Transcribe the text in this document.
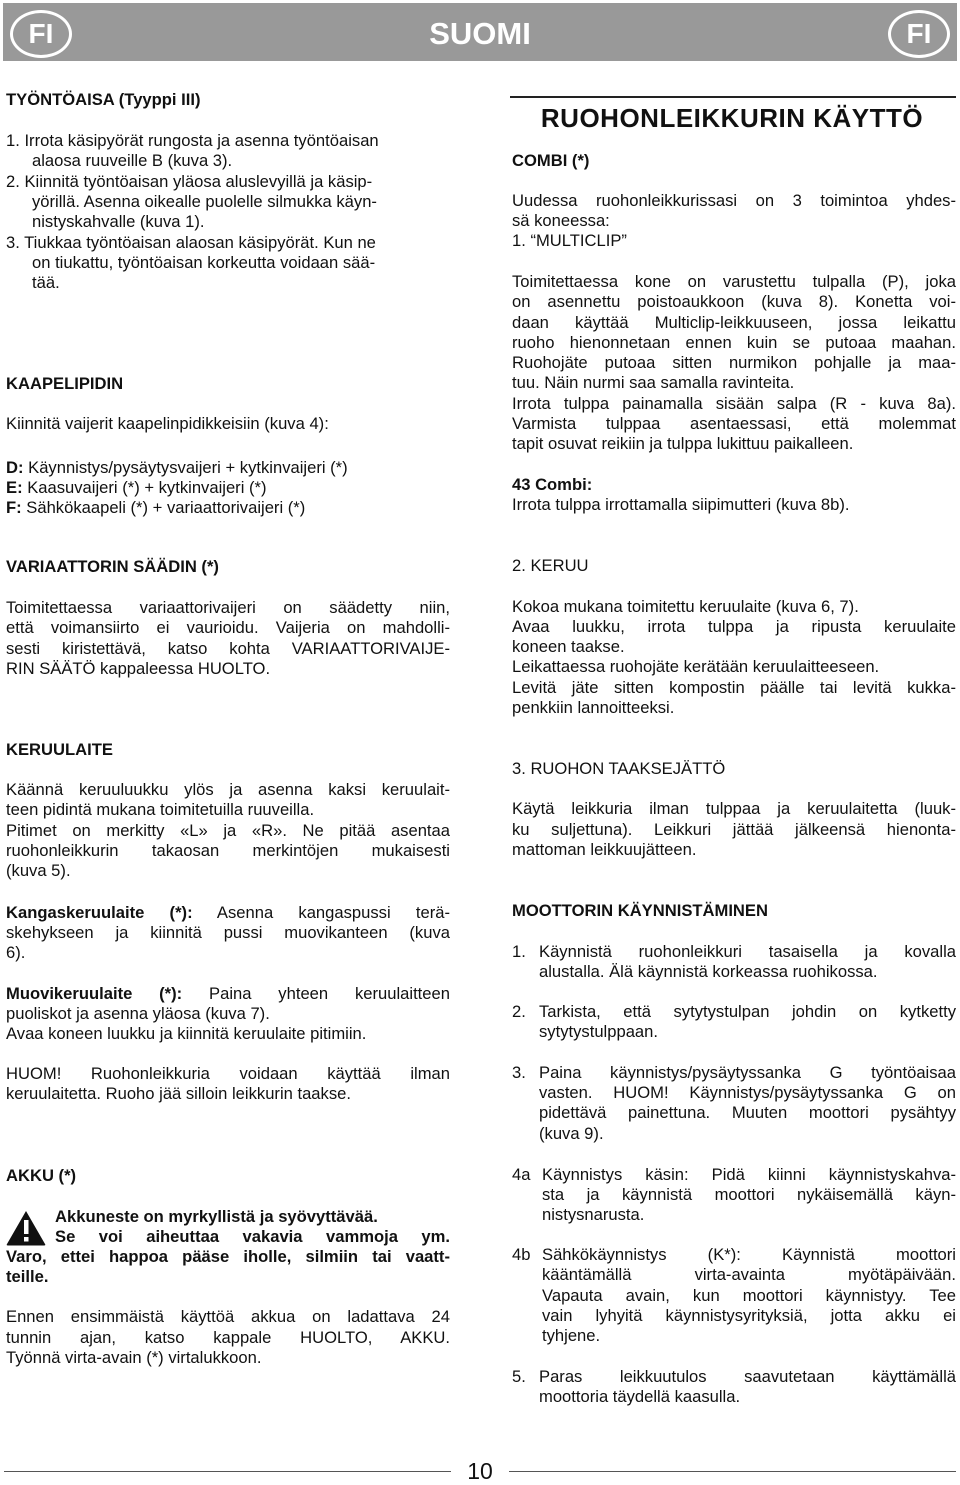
FI	SUOMI	FI
TYÖNTÖAISA (Tyyppi III)
1. Irrota käsipyörät rungosta ja asenna työntöaisan
alaosa ruuveille B (kuva 3).
2. Kiinnitä työntöaisan yläosa aluslevyillä ja käsip-
yörillä. Asenna oikealle puolelle silmukka käyn-
nistyskahvalle (kuva 1).
3. Tiukkaa työntöaisan alaosan käsipyörät. Kun ne
on tiukattu, työntöaisan korkeutta voidaan sää-
tää.
KAAPELIPIDIN
Kiinnitä vaijerit kaapelinpidikkeisiin (kuva 4):
D: Käynnistys/pysäytysvaijeri + kytkinvaijeri (*)
E: Kaasuvaijeri (*) + kytkinvaijeri (*)
F: Sähkökaapeli (*) + variaattorivaijeri (*)
VARIAATTORIN SÄÄDIN (*)
Toimitettaessa variaattorivaijeri on säädetty niin,
että voimansiirto ei vaurioidu. Vaijeria on mahdolli-
sesti kiristettävä, katso kohta VARIAATTORIVAIJE-
RIN SÄÄTÖ kappaleessa HUOLTO.
KERUULAITE
Käännä keruuluukku ylös ja asenna kaksi keruulait-
teen pidintä mukana toimitetuilla ruuveilla.
Pitimet on merkitty «L» ja «R». Ne pitää asentaa
ruohonleikkurin takaosan merkintöjen mukaisesti
(kuva 5).
Kangaskeruulaite (*): Asenna kangaspussi terä-
skehykseen ja kiinnitä pussi muovikanteen (kuva
6).
Muovikeruulaite (*): Paina yhteen keruulaitteen
puoliskot ja asenna yläosa (kuva 7).
Avaa koneen luukku ja kiinnitä keruulaite pitimiin.
HUOM! Ruohonleikkuria voidaan käyttää ilman
keruulaitetta. Ruoho jää silloin leikkurin taakse.
AKKU (*)
Akkuneste on myrkyllistä ja syövyttävää.
Se voi aiheuttaa vakavia vammoja ym.
Varo, ettei happoa pääse iholle, silmiin tai vaatt-
teille.
Ennen ensimmäistä käyttöä akkua on ladattava 24
tunnin ajan, katso kappale HUOLTO, AKKU.
Työnnä virta-avain (*) virtalukkoon.
RUOHONLEIKKURIN KÄYTTÖ
COMBI (*)
Uudessa ruohonleikkurissasi on 3 toimintoa yhdes-
sä koneessa:
1. “MULTICLIP”
Toimitettaessa kone on varustettu tulpalla (P), joka
on asennettu poistoaukkoon (kuva 8). Konetta voi-
daan käyttää Multiclip-leikkuuseen, jossa leikattu
ruoho hienonnetaan ennen kuin se putoaa maahan.
Ruohojäte putoaa sitten nurmikon pohjalle ja maa-
tuu. Näin nurmi saa samalla ravinteita.
Irrota tulppa painamalla sisään salpa (R - kuva 8a).
Varmista tulppaa asentaessasi, että molemmat
tapit osuvat reikiin ja tulppa lukittuu paikalleen.
43 Combi:
Irrota tulppa irrottamalla siipimutteri (kuva 8b).
2. KERUU
Kokoa mukana toimitettu keruulaite (kuva 6, 7).
Avaa luukku, irrota tulppa ja ripusta keruulaite
koneen taakse.
Leikattaessa ruohojäte kerätään keruulaitteeseen.
Levitä jäte sitten kompostin päälle tai levitä kukka-
penkkiin lannoitteeksi.
3. RUOHON TAAKSEJÄTTÖ
Käytä leikkuria ilman tulppaa ja keruulaitetta (luuk-
ku suljettuna). Leikkuri jättää jälkeensä hienonta-
mattoman leikkuujätteen.
MOOTTORIN KÄYNNISTÄMINEN
1. Käynnistä ruohonleikkuri tasaisella ja kovalla
alustalla. Älä käynnistä korkeassa ruohikossa.
2. Tarkista, että sytytystulpan johdin on kytketty
sytytystulppaan.
3. Paina käynnistys/pysäytyssanka G työntöaisaa
vasten. HUOM! Käynnistys/pysäytyssanka G on
pidettävä painettuna. Muuten moottori pysähtyy
(kuva 9).
4a Käynnistys käsin: Pidä kiinni käynnistyskahva-
sta ja käynnistä moottori nykäisemällä käyn-
nistysnarusta.
4b Sähkökäynnistys (K*): Käynnistä moottori
kääntämällä virta-avainta myötäpäivään.
Vapauta avain, kun moottori käynnistyy. Tee
vain lyhyitä käynnistysyrityksiä, jotta akku ei
tyhjene.
5. Paras leikkuutulos saavutetaan käyttämällä
moottoria täydellä kaasulla.
10
